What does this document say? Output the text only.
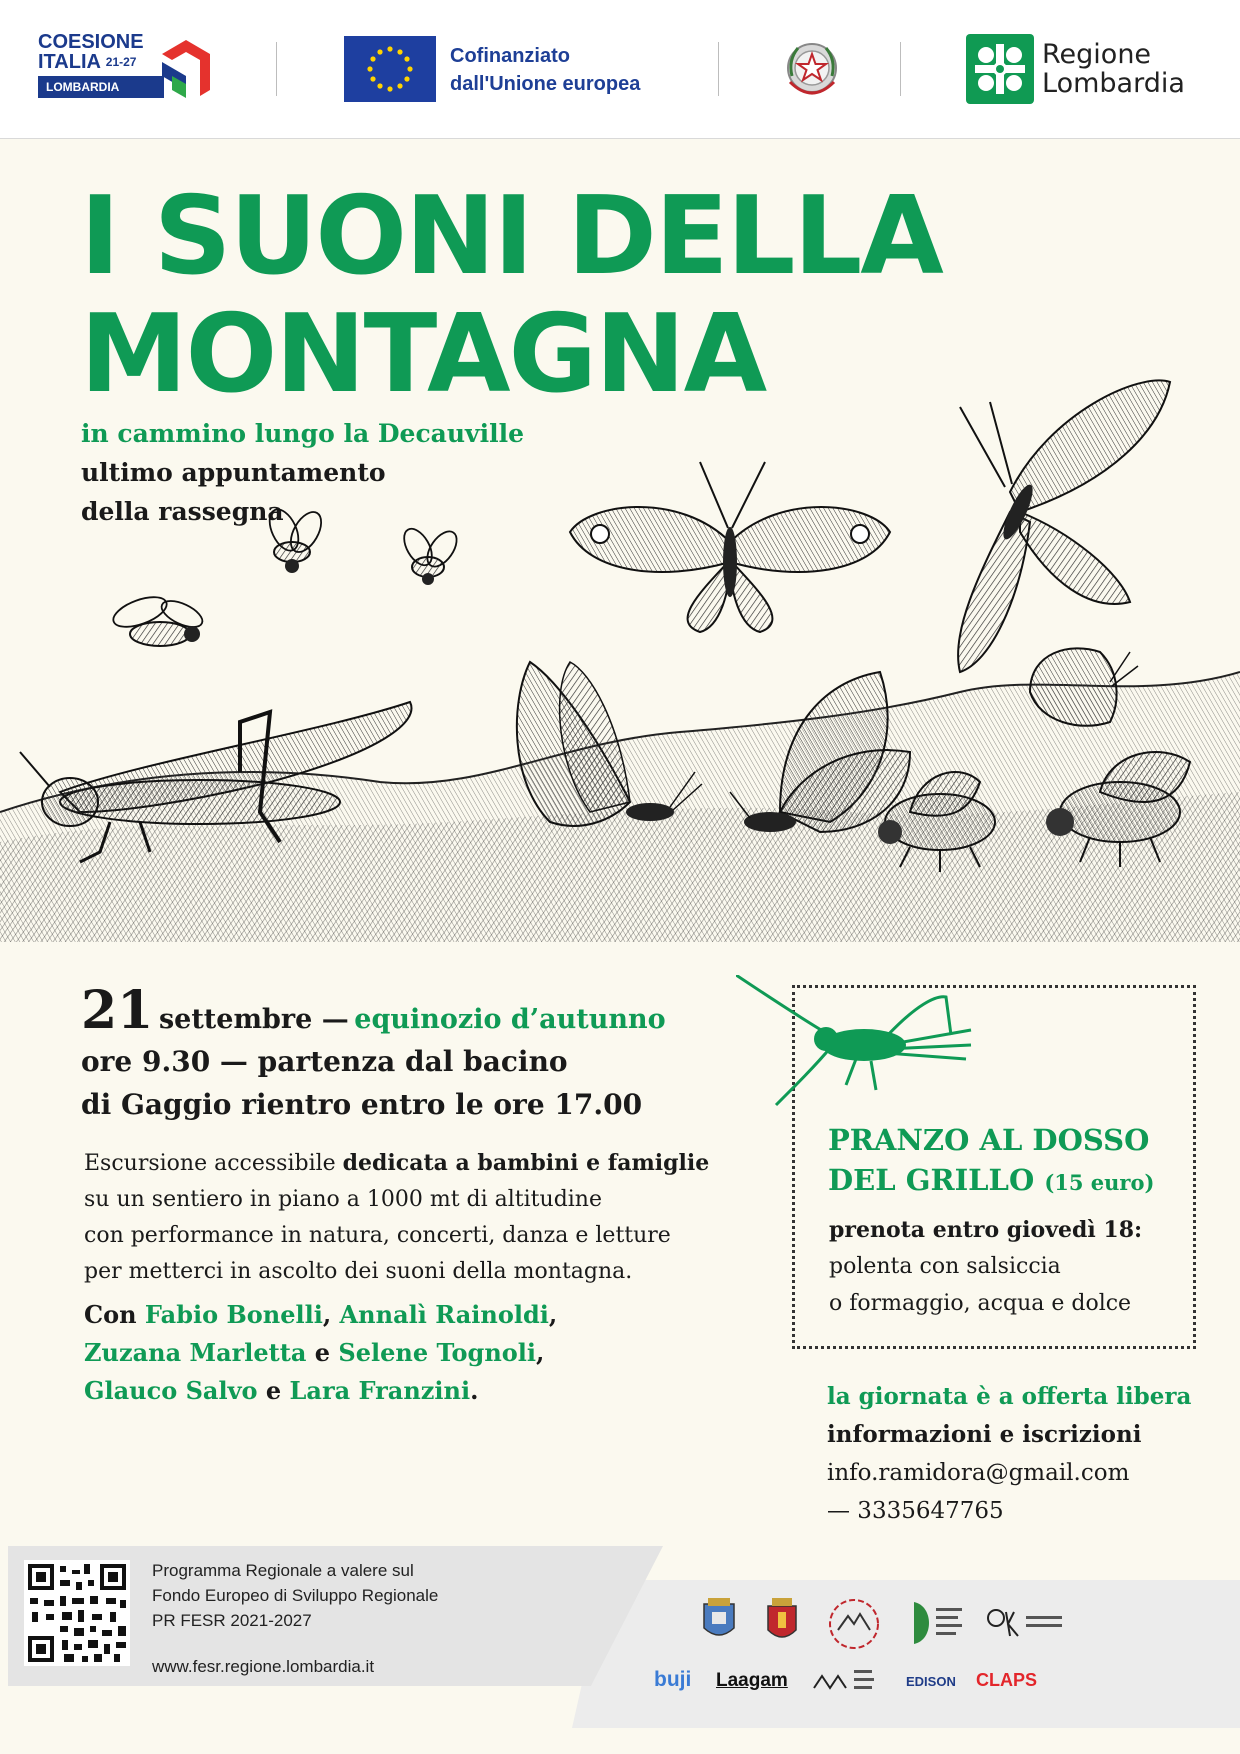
COESIONE
ITALIA $^{21-27}$
LOMBARDIA
Cofinanziato
dall'Unione europea
Regione
Lombardia
I SUONI DELLA
MONTAGNA
in cammino lungo la Decauville
ultimo appuntamento
della rassegna
21 settembre — equinozio d’autunno
ore 9.30 — partenza dal bacino
di Gaggio rientro entro le ore 17.00
Escursione accessibile dedicata a bambini e famiglie
su un sentiero in piano a 1000 mt di altitudine
con performance in natura, concerti, danza e letture
per metterci in ascolto dei suoni della montagna.
Con Fabio Bonelli, Annalì Rainoldi,
Zuzana Marletta e Selene Tognoli,
Glauco Salvo e Lara Franzini.
PRANZO AL DOSSO
DEL GRILLO (15 euro)
prenota entro giovedì 18:
polenta con salsiccia
o formaggio, acqua e dolce
la giornata è a offerta libera
informazioni e iscrizioni
info.ramidora@gmail.com
— 3335647765
Programma Regionale a valere sul
Fondo Europeo di Sviluppo Regionale
PR FESR 2021-2027
www.fesr.regione.lombardia.it
buji Laagam	EDISON CLAPS
